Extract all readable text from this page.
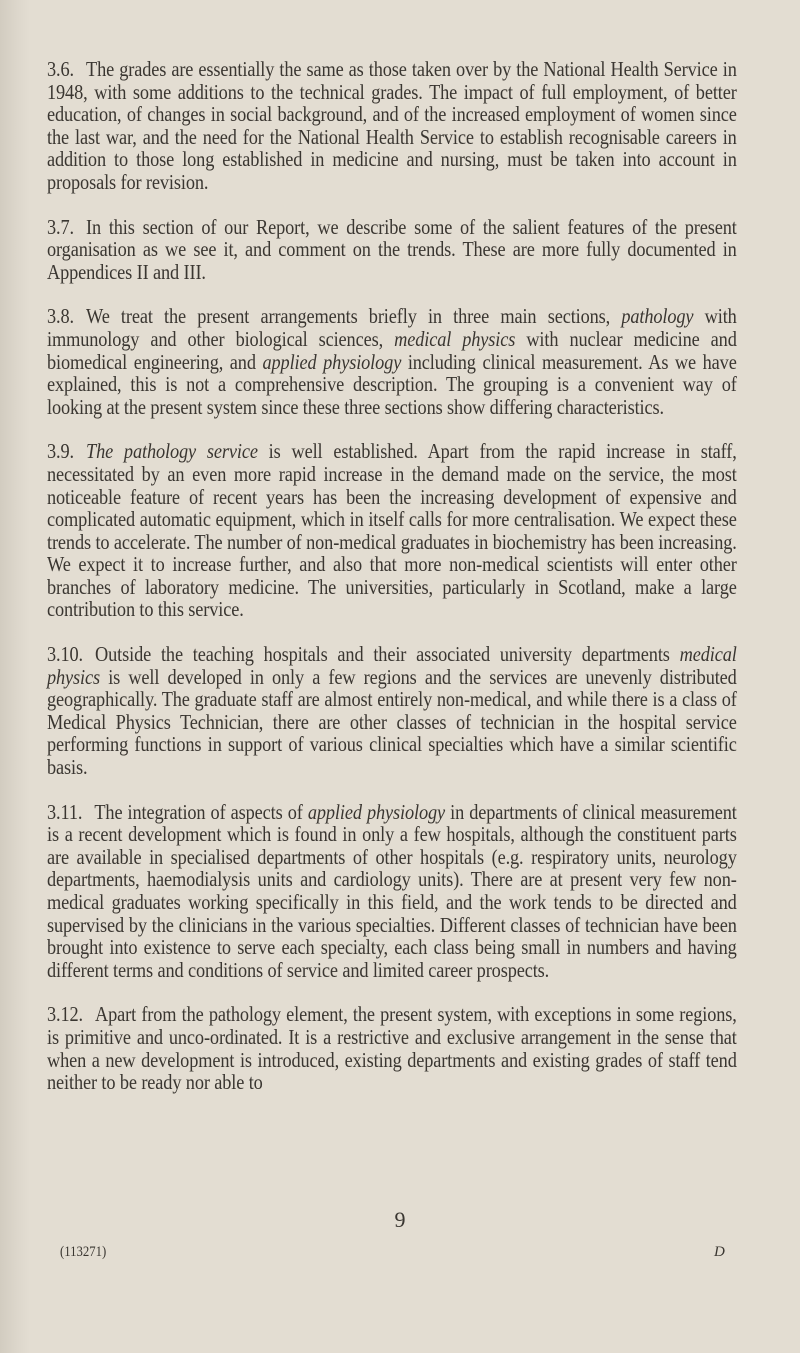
3.6. The grades are essentially the same as those taken over by the National Health Service in 1948, with some additions to the technical grades. The impact of full employment, of better education, of changes in social background, and of the increased employment of women since the last war, and the need for the National Health Service to establish recognisable careers in addition to those long established in medicine and nursing, must be taken into account in proposals for revision.

3.7. In this section of our Report, we describe some of the salient features of the present organisation as we see it, and comment on the trends. These are more fully documented in Appendices II and III.

3.8. We treat the present arrangements briefly in three main sections, pathology with immunology and other biological sciences, medical physics with nuclear medicine and biomedical engineering, and applied physiology including clinical measurement. As we have explained, this is not a comprehensive description. The grouping is a convenient way of looking at the present system since these three sections show differing characteristics.

3.9. The pathology service is well established. Apart from the rapid increase in staff, necessitated by an even more rapid increase in the demand made on the service, the most noticeable feature of recent years has been the increasing development of expensive and complicated automatic equipment, which in itself calls for more centralisation. We expect these trends to accelerate. The number of non-medical graduates in biochemistry has been increasing. We expect it to increase further, and also that more non-medical scientists will enter other branches of laboratory medicine. The universities, particularly in Scotland, make a large contribution to this service.

3.10. Outside the teaching hospitals and their associated university departments medical physics is well developed in only a few regions and the services are unevenly distributed geographically. The graduate staff are almost entirely non-medical, and while there is a class of Medical Physics Technician, there are other classes of technician in the hospital service performing functions in support of various clinical specialties which have a similar scientific basis.

3.11. The integration of aspects of applied physiology in departments of clinical measurement is a recent development which is found in only a few hospitals, although the constituent parts are available in specialised departments of other hospitals (e.g. respiratory units, neurology departments, haemodialysis units and cardiology units). There are at present very few non-medical graduates working specifically in this field, and the work tends to be directed and supervised by the clinicians in the various specialties. Different classes of technician have been brought into existence to serve each specialty, each class being small in numbers and having different terms and conditions of service and limited career prospects.

3.12. Apart from the pathology element, the present system, with exceptions in some regions, is primitive and unco-ordinated. It is a restrictive and exclusive arrangement in the sense that when a new development is introduced, existing departments and existing grades of staff tend neither to be ready nor able to

9
(113271)	D
